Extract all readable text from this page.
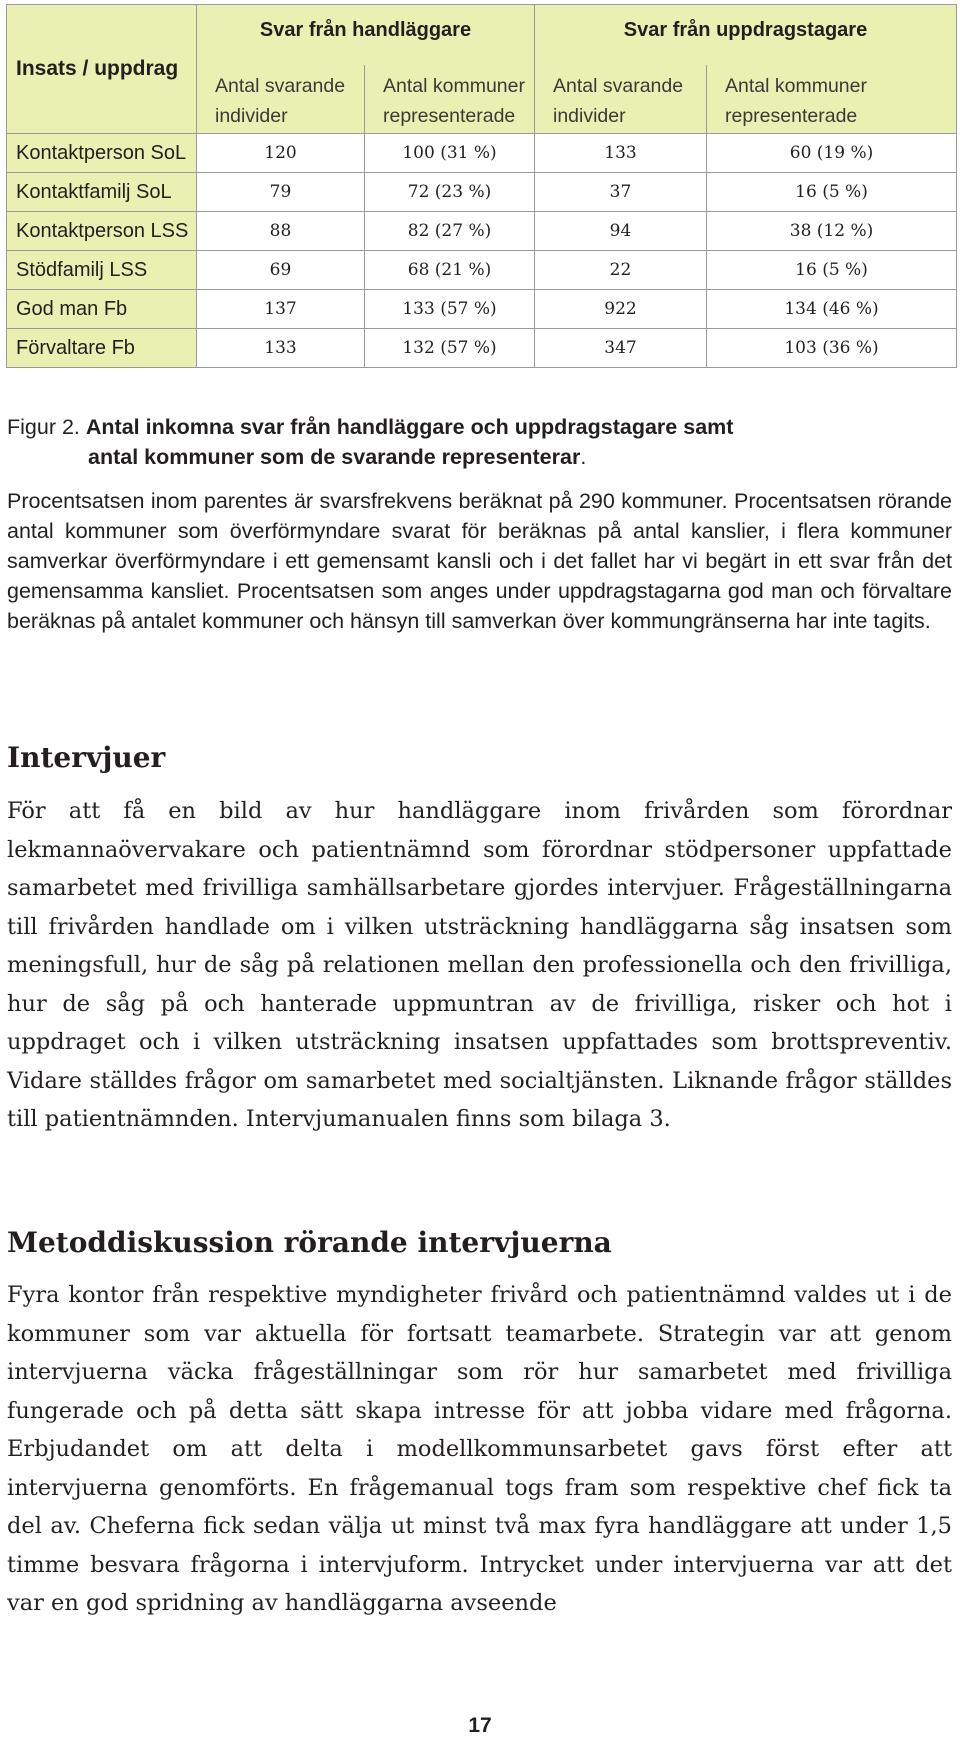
Insats / uppdrag	Svar från handläggare		Svar från uppdragstagare	
	Antal svarande individer	Antal kommuner representerade	Antal svarande individer	Antal kommuner representerade
Kontaktperson SoL	120	100 (31 %)	133	60 (19 %)
Kontaktfamilj SoL	79	72 (23 %)	37	16 (5 %)
Kontaktperson LSS	88	82 (27 %)	94	38 (12 %)
Stödfamilj LSS	69	68 (21 %)	22	16 (5 %)
God man Fb	137	133 (57 %)	922	134 (46 %)
Förvaltare Fb	133	132 (57 %)	347	103 (36 %)
Figur 2. Antal inkomna svar från handläggare och uppdragstagare samt
antal kommuner som de svarande representerar.

Procentsatsen inom parentes är svarsfrekvens beräknat på 290 kommuner. Procentsatsen rörande antal kommuner som överförmyndare svarat för beräknas på antal kanslier, i flera kommuner samverkar överförmyndare i ett gemensamt kansli och i det fallet har vi begärt in ett svar från det gemensamma kansliet. Procentsatsen som anges under uppdragstagarna god man och förvaltare beräknas på antalet kommuner och hänsyn till samverkan över kommungränserna har inte tagits.

Intervjuer

För att få en bild av hur handläggare inom frivården som förordnar lekmannaövervakare och patientnämnd som förordnar stödpersoner uppfattade samarbetet med frivilliga samhällsarbetare gjordes intervjuer. Frågeställningarna till frivården handlade om i vilken utsträckning handläggarna såg insatsen som meningsfull, hur de såg på relationen mellan den professionella och den frivilliga, hur de såg på och hanterade uppmuntran av de frivilliga, risker och hot i uppdraget och i vilken utsträckning insatsen uppfattades som brottspreventiv. Vidare ställdes frågor om samarbetet med socialtjänsten. Liknande frågor ställdes till patientnämnden. Intervjumanualen finns som bilaga 3.

Metoddiskussion rörande intervjuerna

Fyra kontor från respektive myndigheter frivård och patientnämnd valdes ut i de kommuner som var aktuella för fortsatt teamarbete. Strategin var att genom intervjuerna väcka frågeställningar som rör hur samarbetet med frivilliga fungerade och på detta sätt skapa intresse för att jobba vidare med frågorna. Erbjudandet om att delta i modellkommunsarbetet gavs först efter att intervjuerna genomförts. En frågemanual togs fram som respektive chef fick ta del av. Cheferna fick sedan välja ut minst två max fyra handläggare att under 1,5 timme besvara frågorna i intervjuform. Intrycket under intervjuerna var att det var en god spridning av handläggarna avseende

17
